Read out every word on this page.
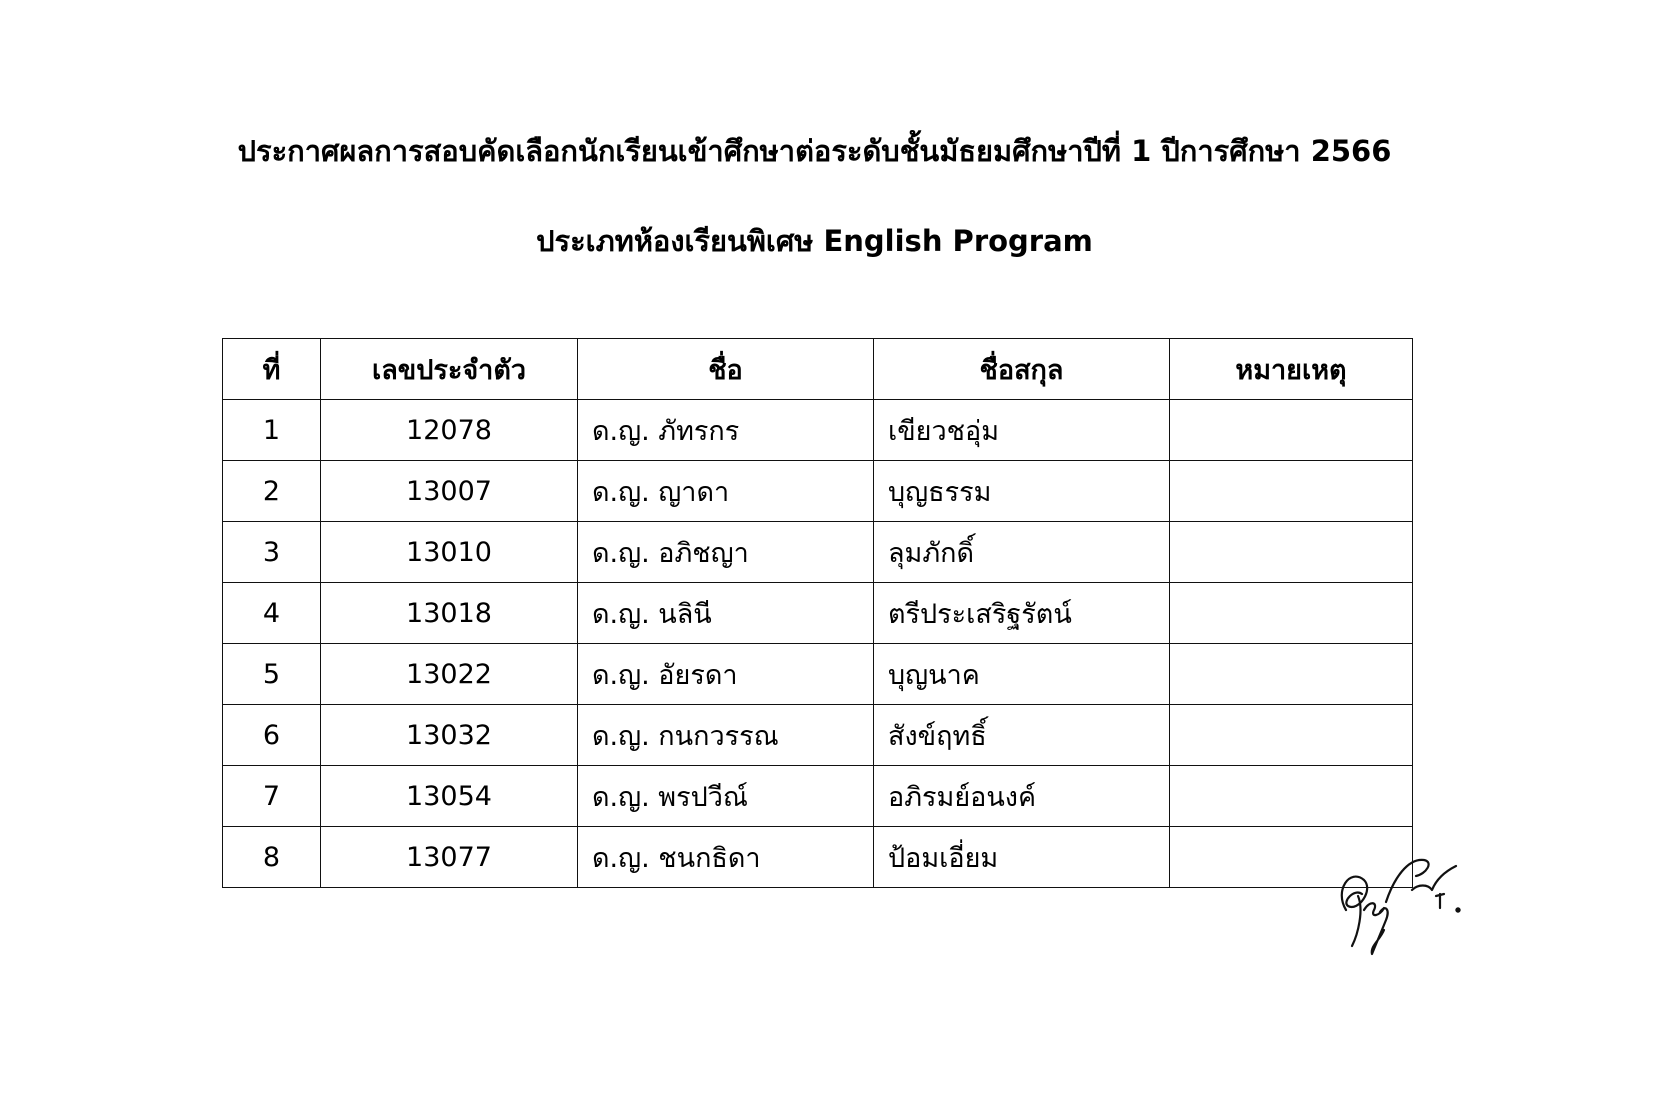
ประกาศผลการสอบคัดเลือกนักเรียนเข้าศึกษาต่อระดับชั้นมัธยมศึกษาปีที่ 1 ปีการศึกษา 2566
ประเภทห้องเรียนพิเศษ English Program
ที่	เลขประจำตัว	ชื่อ	ชื่อสกุล	หมายเหตุ
1	12078	ด.ญ. ภัทรกร	เขียวชอุ่ม	
2	13007	ด.ญ. ญาดา	บุญธรรม	
3	13010	ด.ญ. อภิชญา	ลุมภักดิ์	
4	13018	ด.ญ. นลินี	ตรีประเสริฐรัตน์	
5	13022	ด.ญ. อัยรดา	บุญนาค	
6	13032	ด.ญ. กนกวรรณ	สังข์ฤทธิ์	
7	13054	ด.ญ. พรปวีณ์	อภิรมย์อนงค์	
8	13077	ด.ญ. ชนกธิดา	ป้อมเอี่ยม	
